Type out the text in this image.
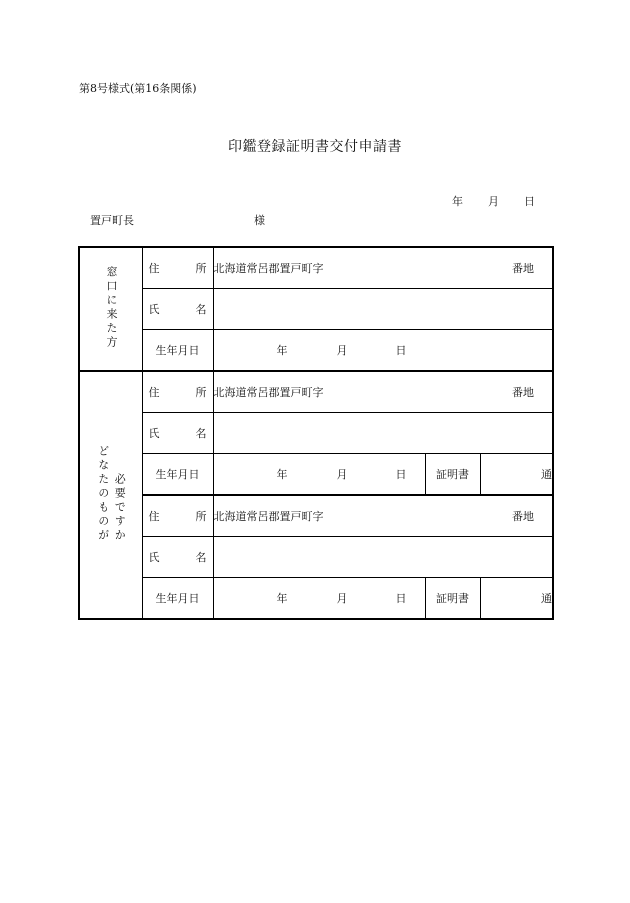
第8号様式(第16条関係)
印鑑登録証明書交付申請書
年 月 日
置戸町長	様
窓口に来た方	住 所	北海道常呂郡置戸町字 番地		

	氏 名			

	生年月日	年 月 日		

どなたのものが 必要ですか	住 所	北海道常呂郡置戸町字 番地		

	氏 名			

	生年月日	年 月 日	証明書	通

	住 所	北海道常呂郡置戸町字 番地		

	氏 名			

	生年月日	年 月 日	証明書	通
